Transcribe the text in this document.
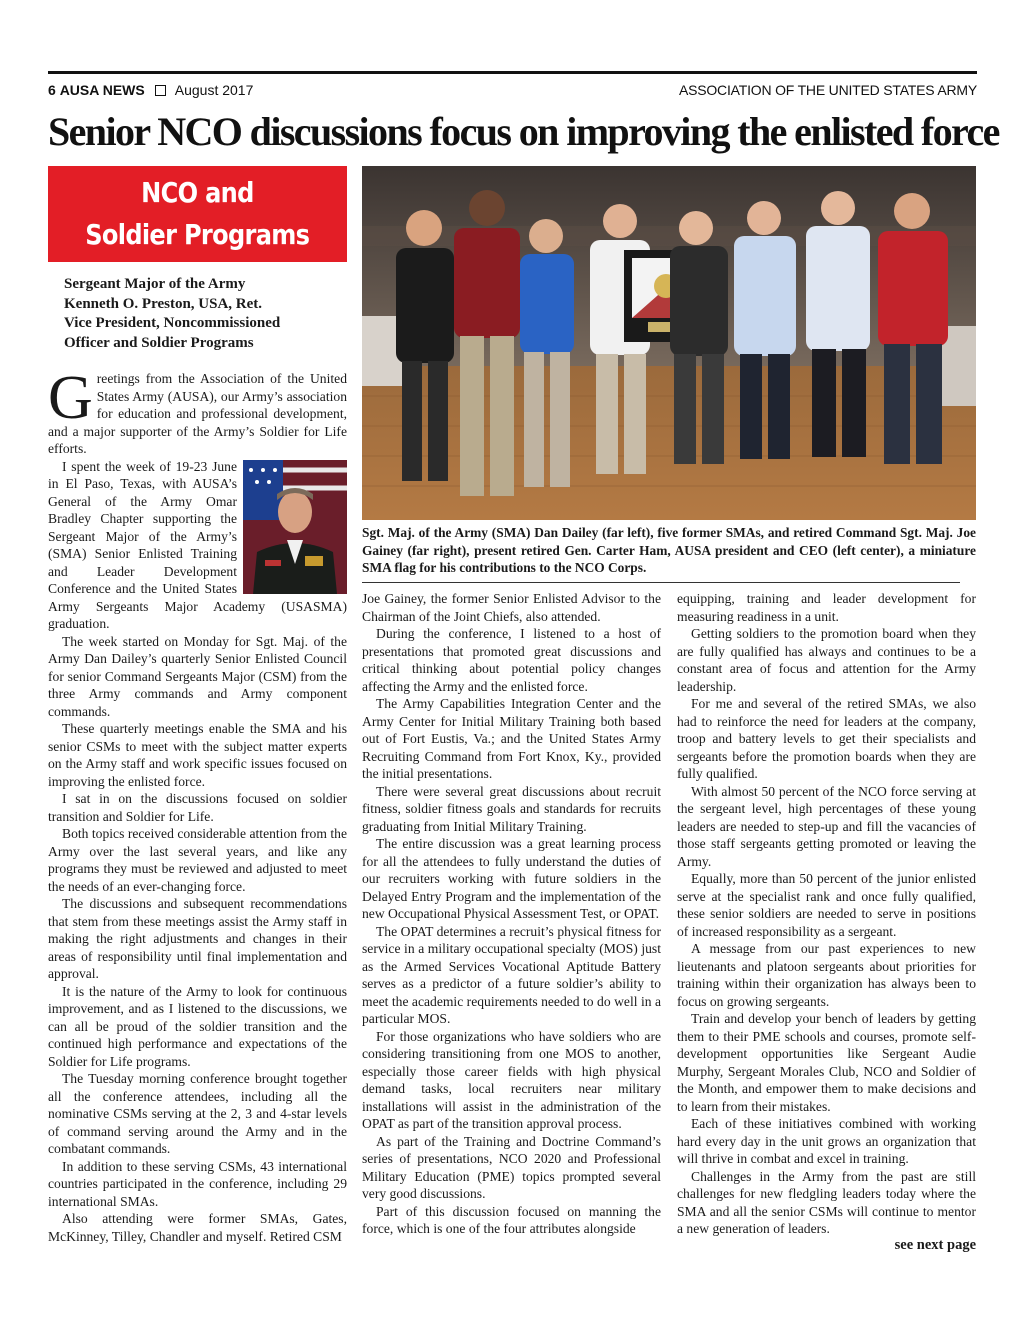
6 AUSA NEWS August 2017	ASSOCIATION OF THE UNITED STATES ARMY
Senior NCO discussions focus on improving the enlisted force
NCO and
Soldier Programs
Sergeant Major of the Army
Kenneth O. Preston, USA, Ret.
Vice President, Noncommissioned
Officer and Soldier Programs
Sgt. Maj. of the Army (SMA) Dan Dailey (far left), five former SMAs, and retired Command Sgt. Maj. Joe Gainey (far right), present retired Gen. Carter Ham, AUSA president and CEO (left center), a miniature SMA flag for his contributions to the NCO Corps.

Greetings from the Association of the United States Army (AUSA), our Army’s association for education and professional development, and a major supporter of the Army’s Soldier for Life efforts.

I spent the week of 19-23 June in El Paso, Texas, with AUSA’s General of the Army Omar Bradley Chapter supporting the Sergeant Major of the Army’s (SMA) Senior Enlisted Training and Leader Development Conference and the United States Army Sergeants Major Academy (USASMA) graduation.

The week started on Monday for Sgt. Maj. of the Army Dan Dailey’s quarterly Senior Enlisted Council for senior Command Sergeants Major (CSM) from the three Army commands and Army component commands.

These quarterly meetings enable the SMA and his senior CSMs to meet with the subject matter experts on the Army staff and work specific issues focused on improving the enlisted force.

I sat in on the discussions focused on soldier transition and Soldier for Life.

Both topics received considerable attention from the Army over the last several years, and like any programs they must be reviewed and adjusted to meet the needs of an ever-changing force.

The discussions and subsequent recommendations that stem from these meetings assist the Army staff in making the right adjustments and changes in their areas of responsibility until final implementation and approval.

It is the nature of the Army to look for continuous improvement, and as I listened to the discussions, we can all be proud of the soldier transition and the continued high performance and expectations of the Soldier for Life programs.

The Tuesday morning conference brought together all the conference attendees, including all the nominative CSMs serving at the 2, 3 and 4-star levels of command serving around the Army and in the combatant commands.

In addition to these serving CSMs, 43 international countries participated in the conference, including 29 international SMAs.

Also attending were former SMAs, Gates, McKinney, Tilley, Chandler and myself. Retired CSM

Joe Gainey, the former Senior Enlisted Advisor to the Chairman of the Joint Chiefs, also attended.

During the conference, I listened to a host of presentations that promoted great discussions and critical thinking about potential policy changes affecting the Army and the enlisted force.

The Army Capabilities Integration Center and the Army Center for Initial Military Training both based out of Fort Eustis, Va.; and the United States Army Recruiting Command from Fort Knox, Ky., provided the initial presentations.

There were several great discussions about recruit fitness, soldier fitness goals and standards for recruits graduating from Initial Military Training.

The entire discussion was a great learning process for all the attendees to fully understand the duties of our recruiters working with future soldiers in the Delayed Entry Program and the implementation of the new Occupational Physical Assessment Test, or OPAT.

The OPAT determines a recruit’s physical fitness for service in a military occupational specialty (MOS) just as the Armed Services Vocational Aptitude Battery serves as a predictor of a future soldier’s ability to meet the academic requirements needed to do well in a particular MOS.

For those organizations who have soldiers who are considering transitioning from one MOS to another, especially those career fields with high physical demand tasks, local recruiters near military installations will assist in the administration of the OPAT as part of the transition approval process.

As part of the Training and Doctrine Command’s series of presentations, NCO 2020 and Professional Military Education (PME) topics prompted several very good discussions.

Part of this discussion focused on manning the force, which is one of the four attributes alongside

equipping, training and leader development for measuring readiness in a unit.

Getting soldiers to the promotion board when they are fully qualified has always and continues to be a constant area of focus and attention for the Army leadership.

For me and several of the retired SMAs, we also had to reinforce the need for leaders at the company, troop and battery levels to get their specialists and sergeants before the promotion boards when they are fully qualified.

With almost 50 percent of the NCO force serving at the sergeant level, high percentages of these young leaders are needed to step-up and fill the vacancies of those staff sergeants getting promoted or leaving the Army.

Equally, more than 50 percent of the junior enlisted serve at the specialist rank and once fully qualified, these senior soldiers are needed to serve in positions of increased responsibility as a sergeant.

A message from our past experiences to new lieutenants and platoon sergeants about priorities for training within their organization has always been to focus on growing sergeants.

Train and develop your bench of leaders by getting them to their PME schools and courses, promote self-development opportunities like Sergeant Audie Murphy, Sergeant Morales Club, NCO and Soldier of the Month, and empower them to make decisions and to learn from their mistakes.

Each of these initiatives combined with working hard every day in the unit grows an organization that will thrive in combat and excel in training.

Challenges in the Army from the past are still challenges for new fledgling leaders today where the SMA and all the senior CSMs will continue to mentor a new generation of leaders.

see next page
